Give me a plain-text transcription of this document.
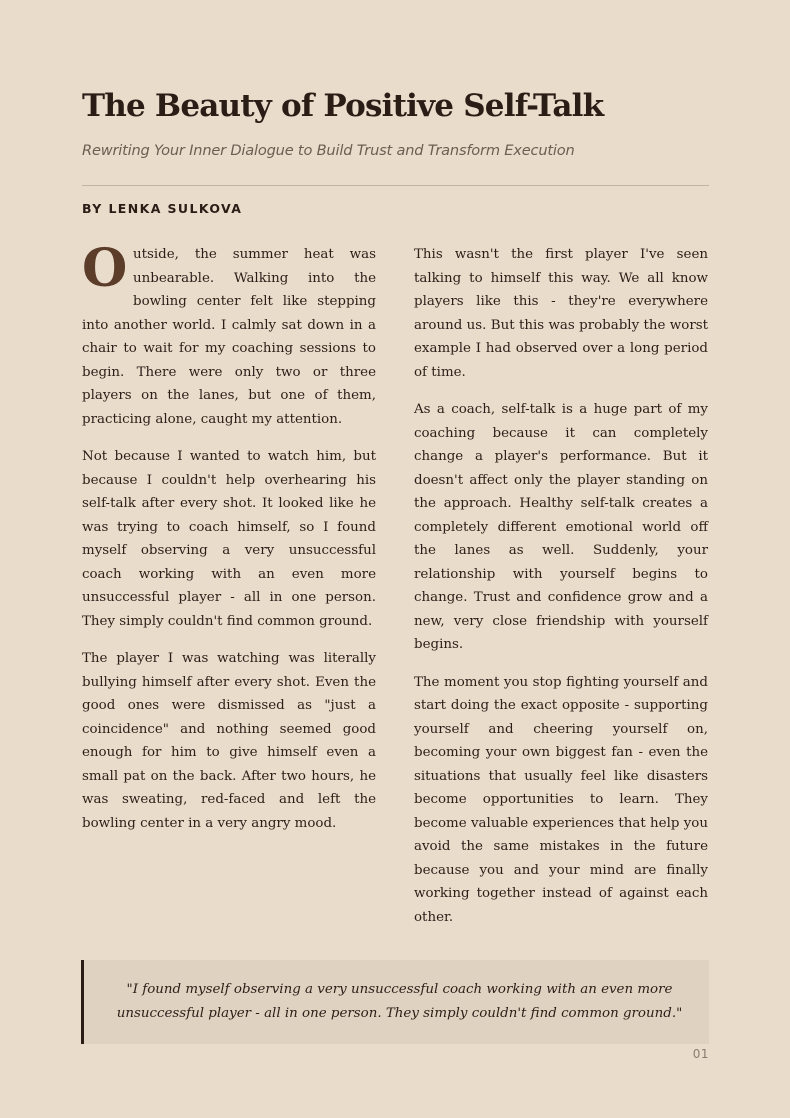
The Beauty of Positive Self-Talk
Rewriting Your Inner Dialogue to Build Trust and Transform Execution
BY LENKA SULKOVA

Outside, the summer heat was unbearable. Walking into the bowling center felt like stepping into another world. I calmly sat down in a chair to wait for my coaching sessions to begin. There were only two or three players on the lanes, but one of them, practicing alone, caught my attention.

Not because I wanted to watch him, but because I couldn't help overhearing his self-talk after every shot. It looked like he was trying to coach himself, so I found myself observing a very unsuccessful coach working with an even more unsuccessful player - all in one person. They simply couldn't find common ground.

The player I was watching was literally bullying himself after every shot. Even the good ones were dismissed as "just a coincidence" and nothing seemed good enough for him to give himself even a small pat on the back. After two hours, he was sweating, red-faced and left the bowling center in a very angry mood.

This wasn't the first player I've seen talking to himself this way. We all know players like this - they're everywhere around us. But this was probably the worst example I had observed over a long period of time.

As a coach, self-talk is a huge part of my coaching because it can completely change a player's performance. But it doesn't affect only the player standing on the approach. Healthy self-talk creates a completely different emotional world off the lanes as well. Suddenly, your relationship with yourself begins to change. Trust and confidence grow and a new, very close friendship with yourself begins.

The moment you stop fighting yourself and start doing the exact opposite - supporting yourself and cheering yourself on, becoming your own biggest fan - even the situations that usually feel like disasters become opportunities to learn. They become valuable experiences that help you avoid the same mistakes in the future because you and your mind are finally working together instead of against each other.

"I found myself observing a very unsuccessful coach working with an even more unsuccessful player - all in one person. They simply couldn't find common ground."

01
